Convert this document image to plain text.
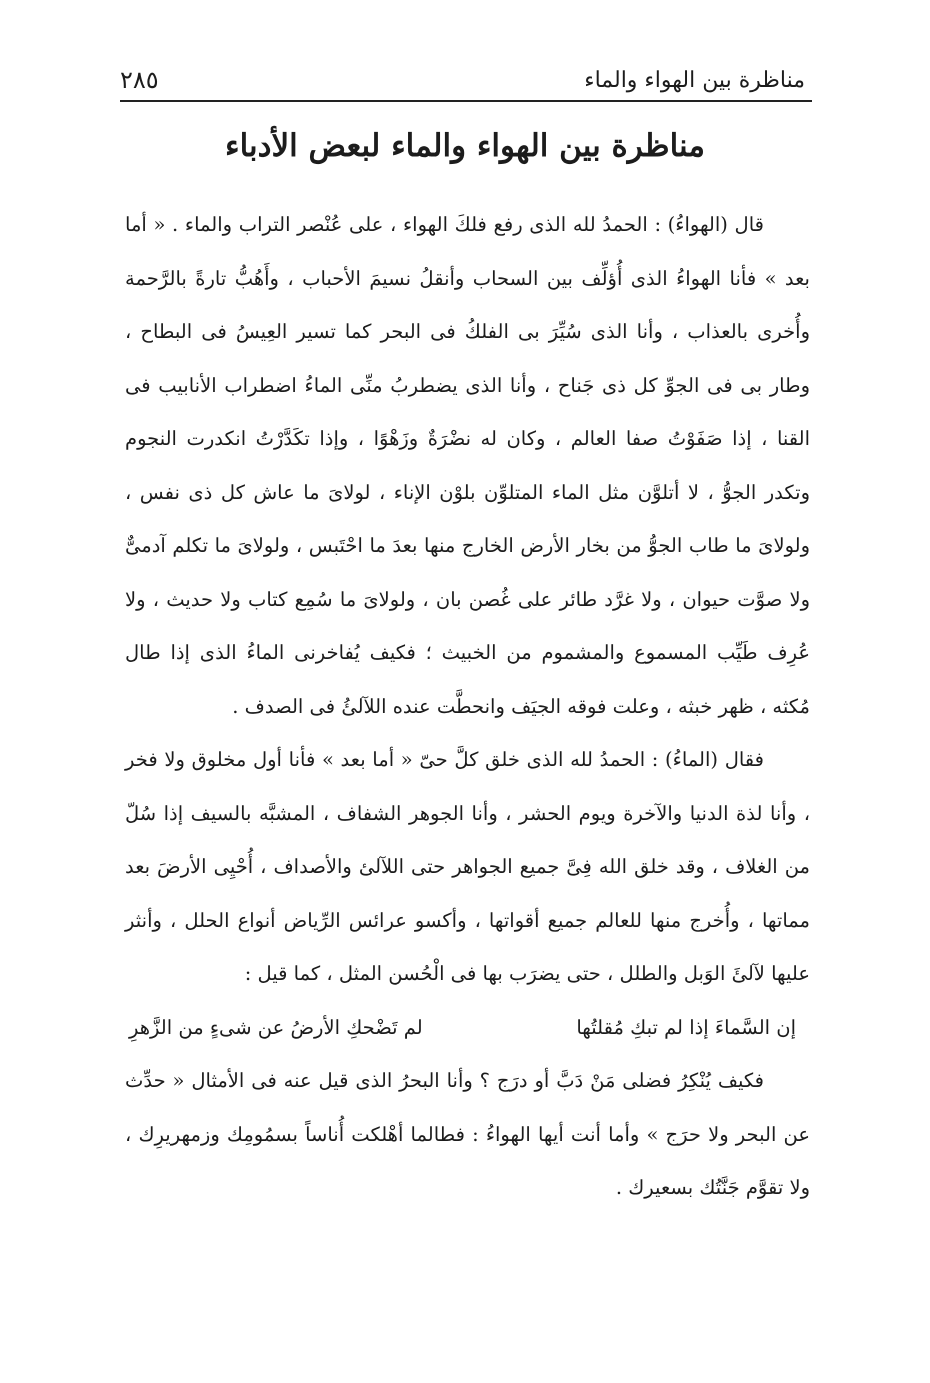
مناظرة بين الهواء والماء
٢٨٥
مناظرة بين الهواء والماء لبعض الأدباء

قال (الهواءُ) : الحمدُ لله الذى رفع فلكَ الهواء ، على عُنْصر التراب والماء . « أما بعد » فأنا الهواءُ الذى أُؤلِّف بين السحاب وأنقلُ نسيمَ الأحباب ، وأَهُبُّ تارةً بالرَّحمة وأُخرى بالعذاب ، وأنا الذى سُيِّرَ بى الفلكُ فى البحر كما تسير العِيسُ فى البطاح ، وطار بى فى الجوِّ كل ذى جَناح ، وأنا الذى يضطربُ منِّى الماءُ اضطراب الأنابيب فى القنا ، إذا صَفَوْتُ صفا العالم ، وكان له نضْرَةٌ وزَهْوًا ، وإذا تكَدَّرْتُ انكدرت النجوم وتكدر الجوُّ ، لا أتلوَّن مثل الماء المتلوِّن بلوْن الإناء ، لولاىَ ما عاش كل ذى نفس ، ولولاىَ ما طاب الجوُّ من بخار الأرض الخارج منها بعدَ ما احْتَبس ، ولولاىَ ما تكلم آدمىٌّ ولا صوَّت حيوان ، ولا غرَّد طائر على غُصن بان ، ولولاىَ ما سُمِع كتاب ولا حديث ، ولا عُرِف طَيِّب المسموع والمشموم من الخبيث ؛ فكيف يُفاخرنى الماءُ الذى إذا طال مُكثه ، ظهر خبثه ، وعلت فوقه الجيَف وانحطَّت عنده اللآلئُ فى الصدف .

فقال (الماءُ) : الحمدُ لله الذى خلق كلَّ حىّ « أما بعد » فأنا أول مخلوق ولا فخر ، وأنا لذة الدنيا والآخرة ويوم الحشر ، وأنا الجوهر الشفاف ، المشبَّه بالسيف إذا سُلّ من الغلاف ، وقد خلق الله فِىَّ جميع الجواهر حتى اللآلئ والأصداف ، أُحْيِى الأرضَ بعد مماتها ، وأُخرج منها للعالم جميع أقواتها ، وأكسو عرائس الرِّياض أنواع الحلل ، وأنثر عليها لآلئَ الوَبل والطلل ، حتى يضرَب بها فى الْحُسن المثل ، كما قيل :

إن السَّماءَ إذا لم تبكِ مُقلتُها
لم تَضْحكِ الأرضُ عن شىءٍ من الزَّهرِ

فكيف يُنْكِرُ فضلى مَنْ دَبَّ أو درَج ؟ وأنا البحرُ الذى قيل عنه فى الأمثال « حدِّث عن البحر ولا حرَج » وأما أنت أيها الهواءُ : فطالما أهْلكت أُناساً بسمُومِك وزمهريرِك ، ولا تقوَّم جَنَّتُك بسعيرك .
